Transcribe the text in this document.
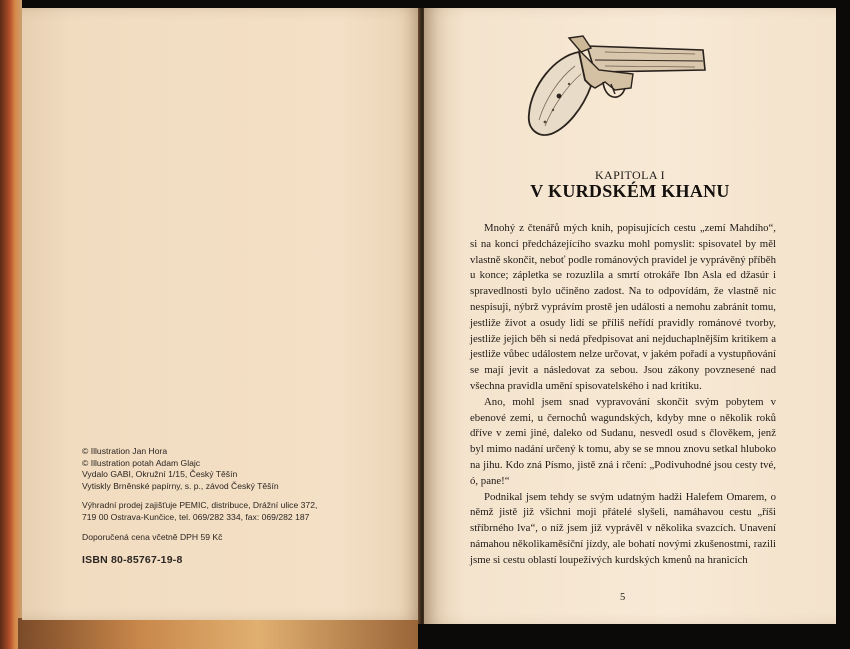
© Illustration Jan Hora
© Illustration potah Adam Glajc
Vydalo GABI, Okružní 1/15, Český Těšín
Vytiskly Brněnské papírny, s. p., závod Český Těšín
Výhradní prodej zajišťuje PEMIC, distribuce, Drážní ulice 372,
719 00 Ostrava-Kunčice, tel. 069/282 334, fax: 069/282 187
Doporučená cena včetně DPH 59 Kč
ISBN 80-85767-19-8
KAPITOLA I
V KURDSKÉM KHANU

Mnohý z čtenářů mých knih, popisujících cestu „zemí Mahdího“, si na konci předcházejícího svazku mohl pomyslit: spisovatel by měl vlastně skončit, neboť podle románových pravidel je vyprávěný příběh u konce; zápletka se rozuzlila a smrtí otrokáře Ibn Asla ed džasúr i spravedlnosti bylo učiněno zadost. Na to odpovídám, že vlastně nic nespisuji, nýbrž vyprávím prostě jen události a nemohu zabránit tomu, jestliže život a osudy lidí se příliš neřídí pravidly románové tvorby, jestliže jejich běh si nedá předpisovat ani nejduchaplnějším kritikem a jestliže vůbec událostem nelze určovat, v jakém pořadí a vystupňování se mají jevit a následovat za sebou. Jsou zákony povznesené nad všechna pravidla umění spisovatelského i nad kritiku.

Ano, mohl jsem snad vypravování skončit svým pobytem v ebenové zemi, u černochů wagundských, kdyby mne o několik roků dříve v zemi jiné, daleko od Sudanu, nesvedl osud s člověkem, jenž byl mimo nadání určený k tomu, aby se se mnou znovu setkal hluboko na jihu. Kdo zná Písmo, jistě zná i rčení: „Podivuhodné jsou cesty tvé, ó, pane!“

Podnikal jsem tehdy se svým udatným hadži Halefem Omarem, o němž jistě již všichni moji přátelé slyšeli, namáhavou cestu „říši stříbrného lva“, o níž jsem již vyprávěl v několika svazcích. Unavení námahou několikaměsíční jízdy, ale bohatí novými zkušenostmi, razili jsme si cestu oblastí loupežívých kurdských kmenů na hranicích

5
